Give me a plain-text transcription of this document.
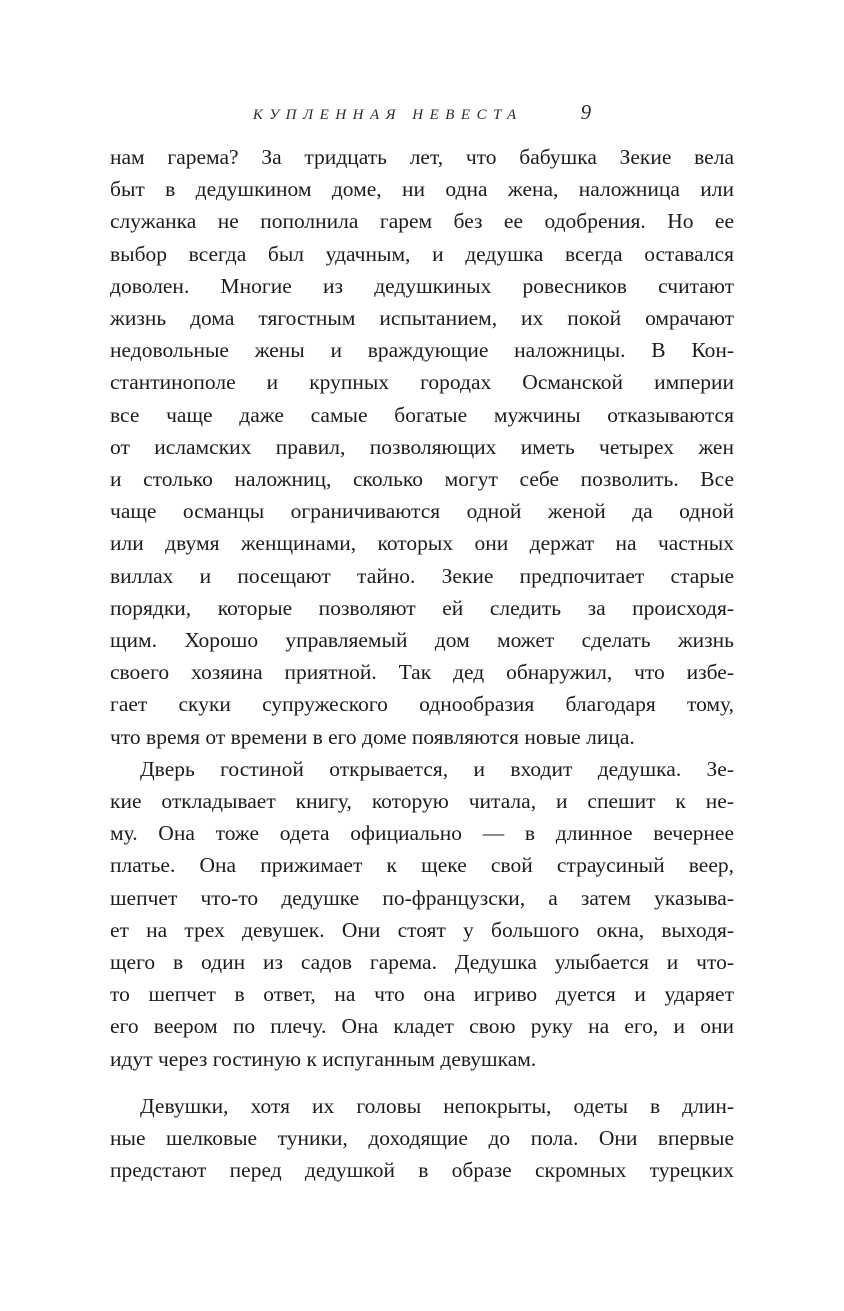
КУПЛЕННАЯ НЕВЕСТА	9
нам гарема? За тридцать лет, что бабушка Зекие вела
быт в дедушкином доме, ни одна жена, наложница или
служанка не пополнила гарем без ее одобрения. Но ее
выбор всегда был удачным, и дедушка всегда оставался
доволен. Многие из дедушкиных ровесников считают
жизнь дома тягостным испытанием, их покой омрачают
недовольные жены и враждующие наложницы. В Кон-
стантинополе и крупных городах Османской империи
все чаще даже самые богатые мужчины отказываются
от исламских правил, позволяющих иметь четырех жен
и столько наложниц, сколько могут себе позволить. Все
чаще османцы ограничиваются одной женой да одной
или двумя женщинами, которых они держат на частных
виллах и посещают тайно. Зекие предпочитает старые
порядки, которые позволяют ей следить за происходя-
щим. Хорошо управляемый дом может сделать жизнь
своего хозяина приятной. Так дед обнаружил, что избе-
гает скуки супружеского однообразия благодаря тому,
что время от времени в его доме появляются новые лица.
Дверь гостиной открывается, и входит дедушка. Зе-
кие откладывает книгу, которую читала, и спешит к не-
му. Она тоже одета официально — в длинное вечернее
платье. Она прижимает к щеке свой страусиный веер,
шепчет что-то дедушке по-французски, а затем указыва-
ет на трех девушек. Они стоят у большого окна, выходя-
щего в один из садов гарема. Дедушка улыбается и что-
то шепчет в ответ, на что она игриво дуется и ударяет
его веером по плечу. Она кладет свою руку на его, и они
идут через гостиную к испуганным девушкам.
Девушки, хотя их головы непокрыты, одеты в длин-
ные шелковые туники, доходящие до пола. Они впервые
предстают перед дедушкой в образе скромных турецких
